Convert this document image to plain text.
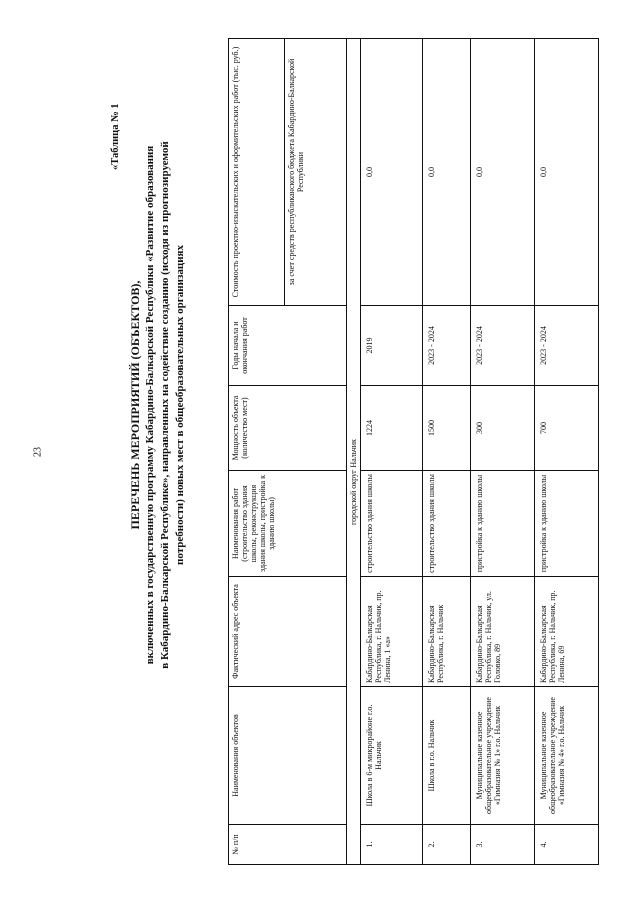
23
«Таблица № 1
ПЕРЕЧЕНЬ МЕРОПРИЯТИЙ (ОБЪЕКТОВ), включенных в государственную программу Кабардино-Балкарской Республики «Развитие образования в Кабардино-Балкарской Республике», направленных на содействие созданию (исходя из прогнозируемой потребности) новых мест в общеобразовательных организациях
№ п/п	Наименования объектов	Фактический адрес объекта	Наименования работ (строительство здания школы, реконструкция здания школы, пристройка к зданию школы)	Мощность объекта (количество мест)	Годы начала и окончания работ	Стоимость проектно-изыскательских и оформительских работ (тыс. руб.)
						за счет средств республиканского бюджета Кабардино-Балкарской Республики

городской округ Нальчик						

1.	Школа в 6-м микрорайоне г.о. Нальчик	Кабардино-Балкарская Республика, г. Нальчик, пр. Ленина, 1 «а»	строительство здания школы	1224	2019	0,0
2.	Школа в г.о. Нальчик	Кабардино-Балкарская Республика, г. Нальчик	строительство здания школы	1500	2023 - 2024	0,0
3.	Муниципальное казенное общеобразовательное учреждение «Гимназия № 1» г.о. Нальчик	Кабардино-Балкарская Республика, г. Нальчик, ул. Головко, 89	пристройка к зданию школы	300	2023 - 2024	0,0
4.	Муниципальное казенное общеобразовательное учреждение «Гимназия № 4» г.о. Нальчик	Кабардино-Балкарская Республика, г. Нальчик, пр. Ленина, 69	пристройка к зданию школы	700	2023 - 2024	0,0
